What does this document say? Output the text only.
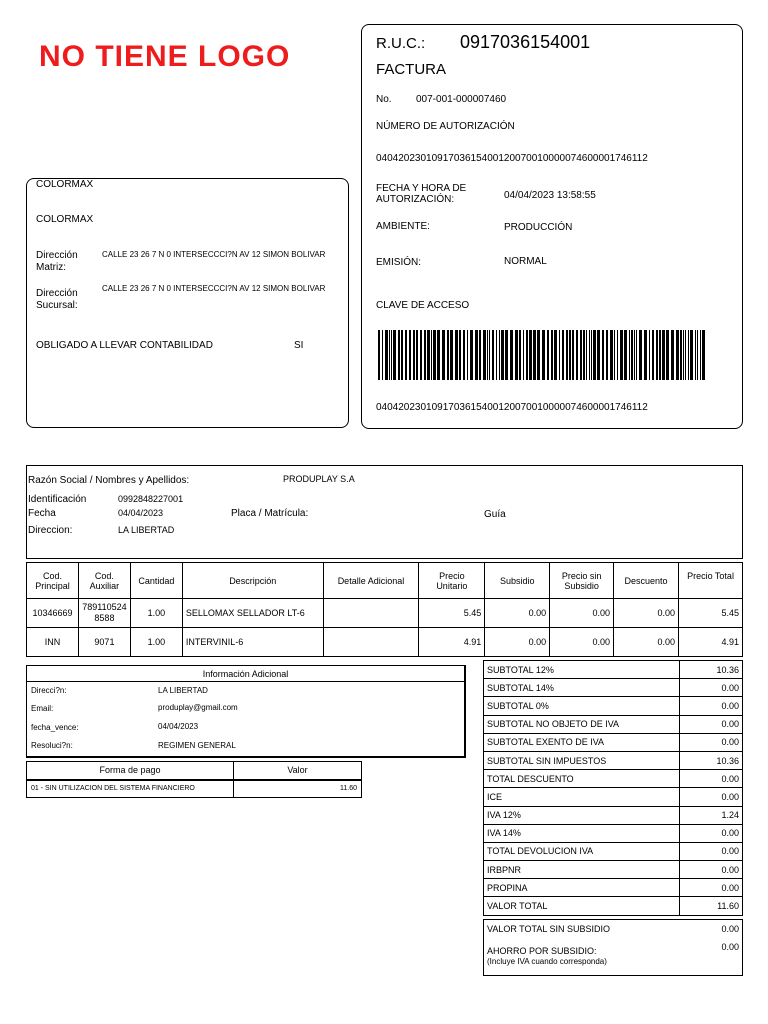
NO TIENE LOGO
COLORMAX
COLORMAX
Dirección Matriz:
CALLE 23 26 7 N 0 INTERSECCCI?N AV 12 SIMON BOLIVAR
Dirección Sucursal:
CALLE 23 26 7 N 0 INTERSECCCI?N AV 12 SIMON BOLIVAR
OBLIGADO A LLEVAR CONTABILIDAD	SI
R.U.C.: 0917036154001
FACTURA
No. 007-001-000007460
NÚMERO DE AUTORIZACIÓN
0404202301091703615400120070010000074600001746112
FECHA Y HORA DE AUTORIZACIÓN:	04/04/2023 13:58:55
AMBIENTE:	PRODUCCIÓN
EMISIÓN:	NORMAL
CLAVE DE ACCESO
0404202301091703615400120070010000074600001746112
Razón Social / Nombres y Apellidos:	PRODUPLAY S.A
Identificación	0992848227001
Fecha	04/04/2023	Placa / Matrícula:	Guía
Direccion:	LA LIBERTAD
Cod. Principal	Cod. Auxiliar	Cantidad	Descripción	Detalle Adicional	Precio Unitario	Subsidio	Precio sin Subsidio	Descuento	Precio Total
10346669	7891105248588	1.00	SELLOMAX SELLADOR LT-6		5.45	0.00	0.00	0.00	5.45
INN	9071	1.00	INTERVINIL-6		4.91	0.00	0.00	0.00	4.91
Información Adicional
Direcci?n:	LA LIBERTAD
Email:	produplay@gmail.com
fecha_vence:	04/04/2023
Resoluci?n:	REGIMEN GENERAL
Forma de pago	Valor
01 - SIN UTILIZACION DEL SISTEMA FINANCIERO	11.60
SUBTOTAL 12%	10.36
SUBTOTAL 14%	0.00
SUBTOTAL 0%	0.00
SUBTOTAL NO OBJETO DE IVA	0.00
SUBTOTAL EXENTO DE IVA	0.00
SUBTOTAL SIN IMPUESTOS	10.36
TOTAL DESCUENTO	0.00
ICE	0.00
IVA 12%	1.24
IVA 14%	0.00
TOTAL DEVOLUCION IVA	0.00
IRBPNR	0.00
PROPINA	0.00
VALOR TOTAL	11.60
VALOR TOTAL SIN SUBSIDIO	0.00
AHORRO POR SUBSIDIO:	0.00
(Incluye IVA cuando corresponda)
